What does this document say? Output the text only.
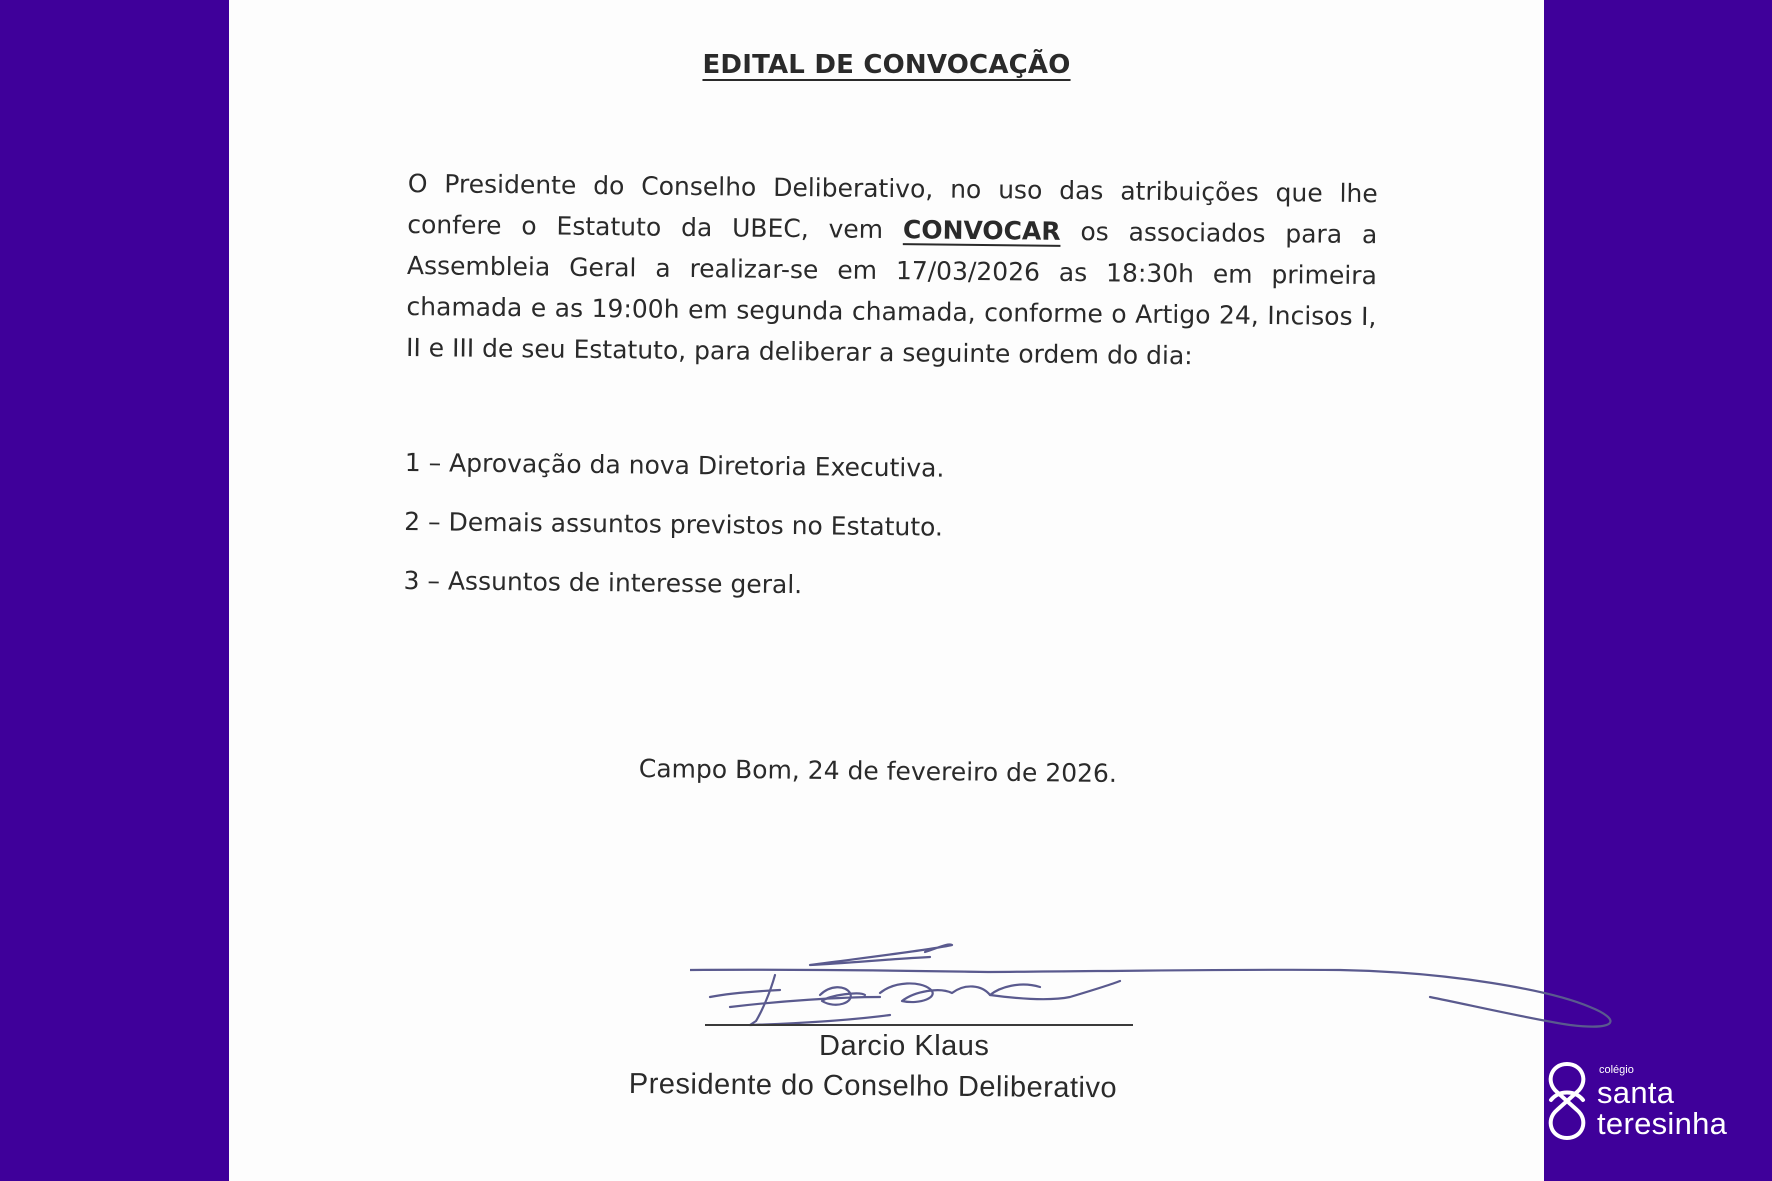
EDITAL DE CONVOCAÇÃO
O Presidente do Conselho Deliberativo, no uso das atribuições que lhe confere o Estatuto da UBEC, vem CONVOCAR os associados para a Assembleia Geral a realizar-se em 17/03/2026 as 18:30h em primeira chamada e as 19:00h em segunda chamada, conforme o Artigo 24, Incisos I, II e III de seu Estatuto, para deliberar a seguinte ordem do dia:
1 – Aprovação da nova Diretoria Executiva.
2 – Demais assuntos previstos no Estatuto.
3 – Assuntos de interesse geral.
Campo Bom, 24 de fevereiro de 2026.
Darcio Klaus
Presidente do Conselho Deliberativo	colégio
santa
teresinha
